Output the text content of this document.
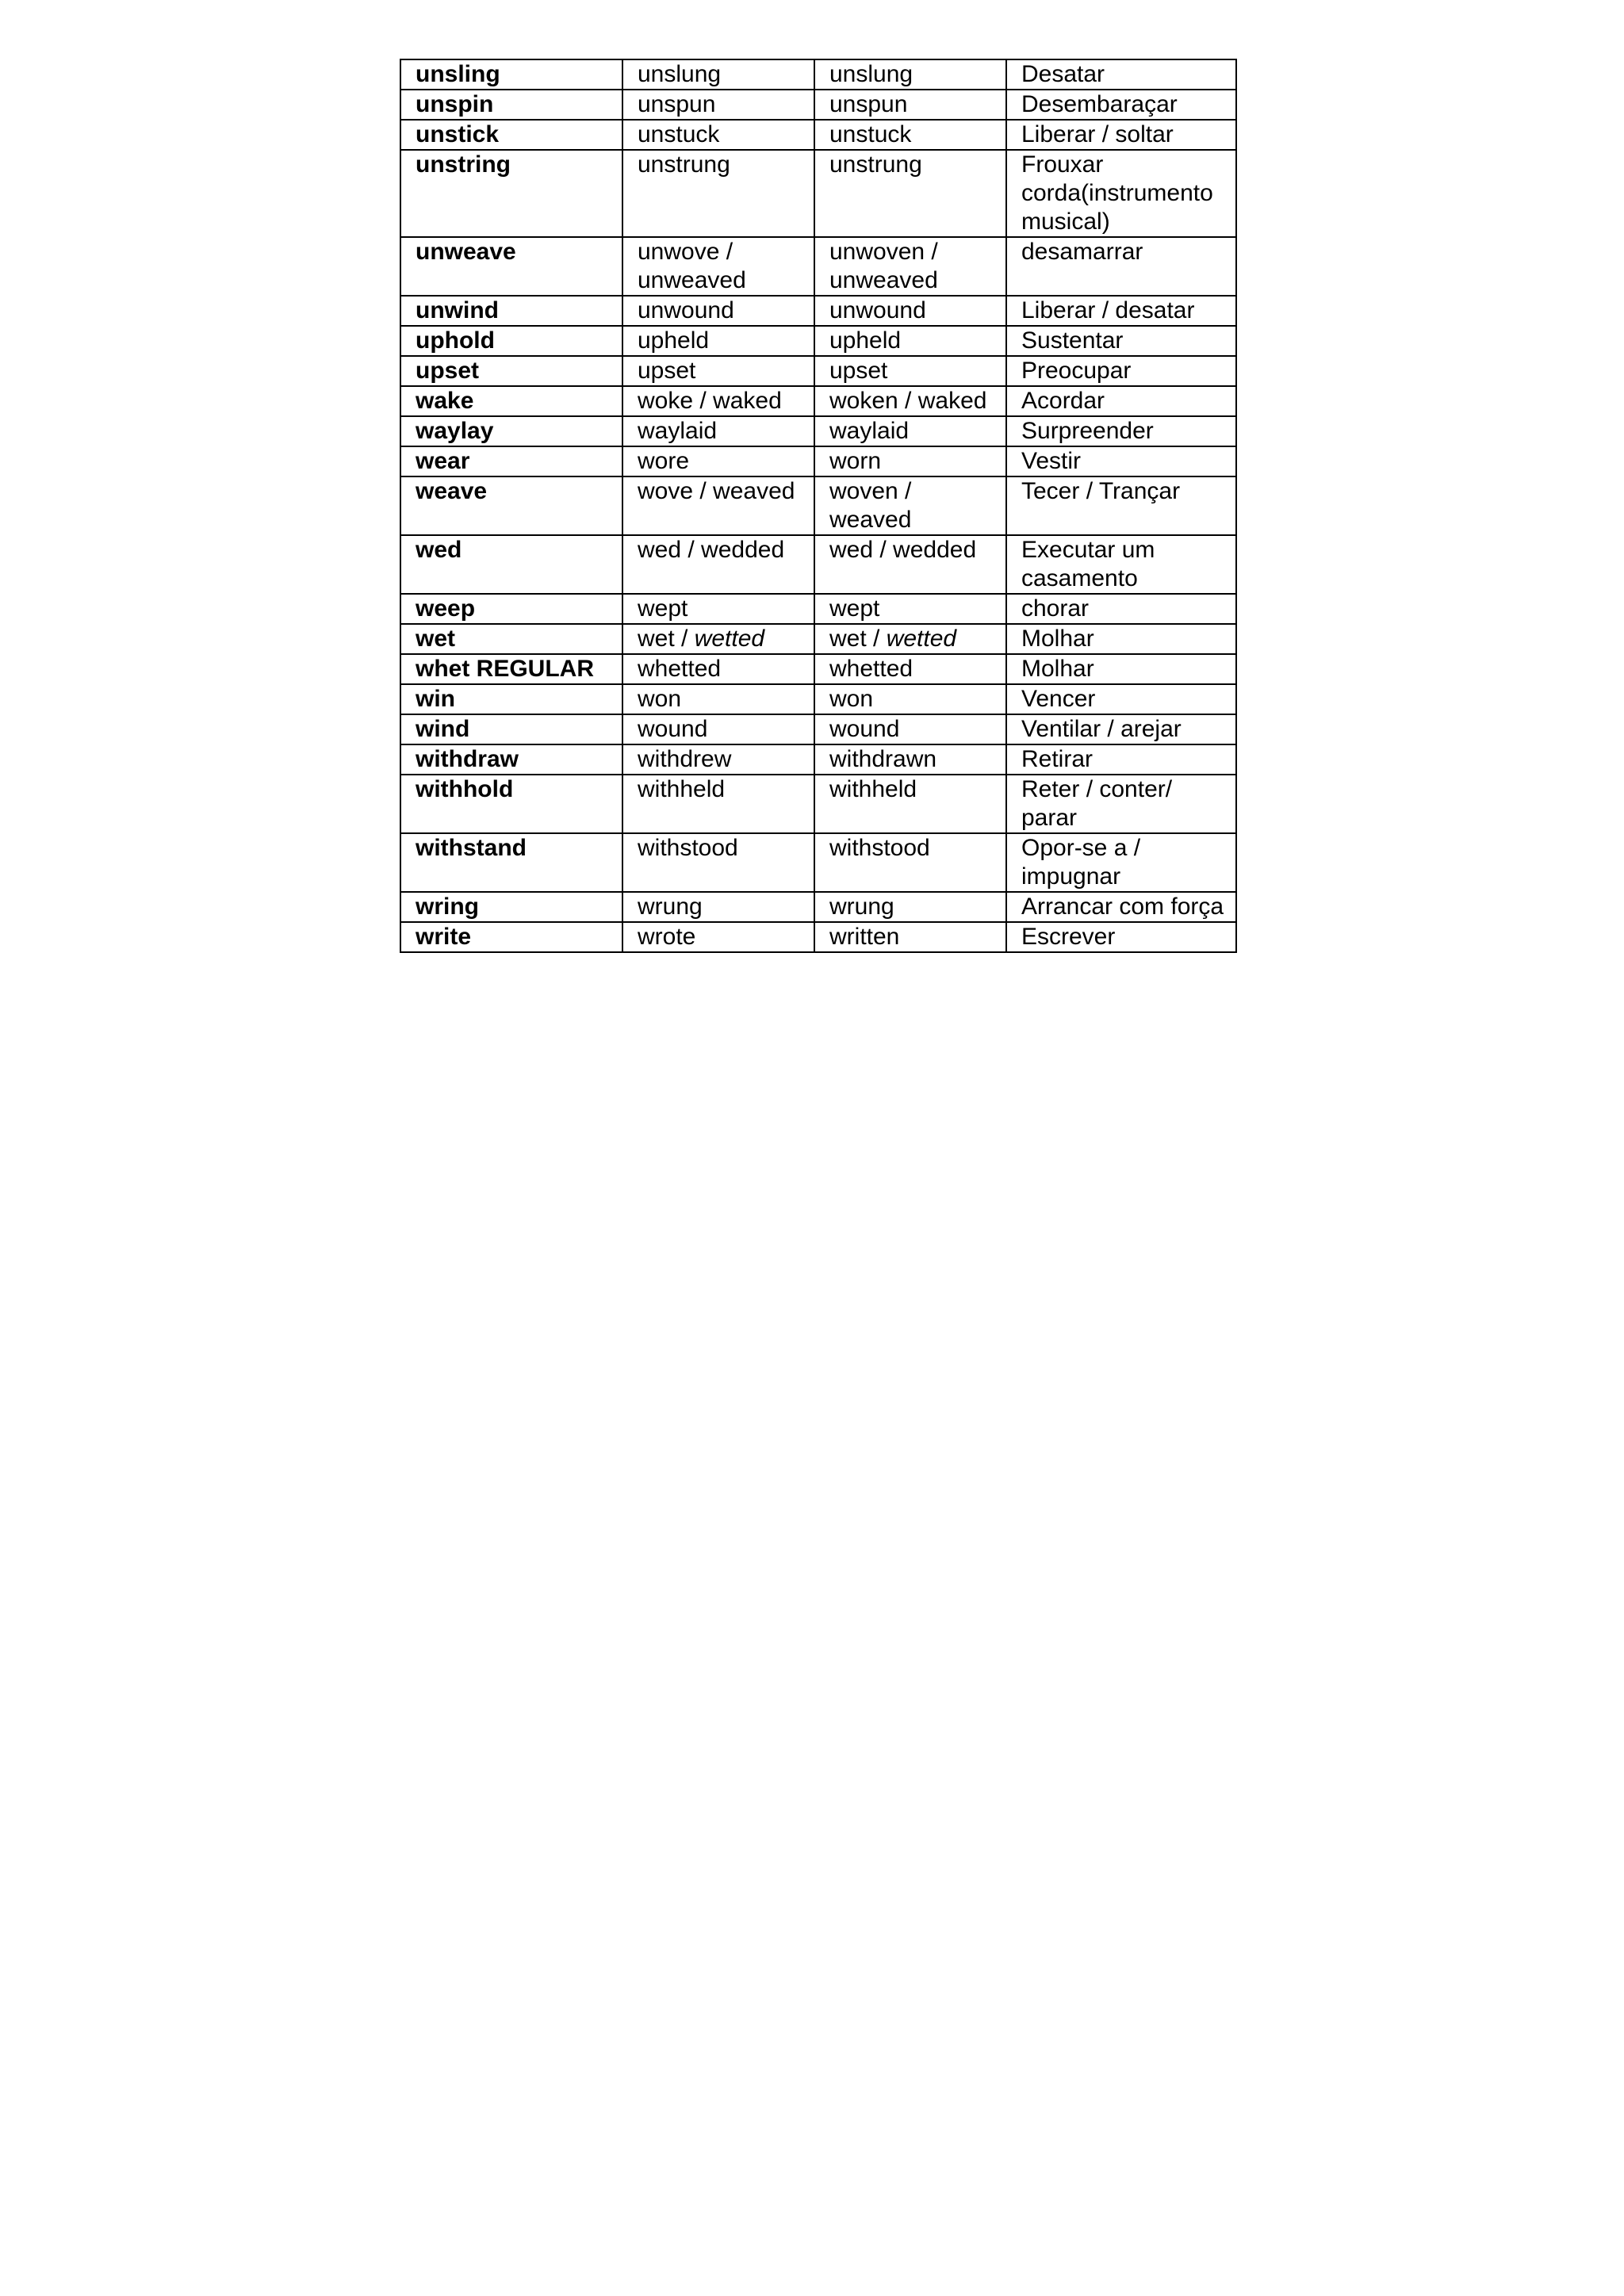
unsling	unslung	unslung	Desatar
unspin	unspun	unspun	Desembaraçar
unstick	unstuck	unstuck	Liberar / soltar
unstring	unstrung	unstrung	Frouxar corda(instrumento musical)
unweave	unwove / unweaved	unwoven / unweaved	desamarrar
unwind	unwound	unwound	Liberar / desatar
uphold	upheld	upheld	Sustentar
upset	upset	upset	Preocupar
wake	woke / waked	woken / waked	Acordar
waylay	waylaid	waylaid	Surpreender
wear	wore	worn	Vestir
weave	wove / weaved	woven / weaved	Tecer / Trançar
wed	wed / wedded	wed / wedded	Executar um casamento
weep	wept	wept	chorar
wet	wet / wetted	wet / wetted	Molhar
whet REGULAR	whetted	whetted	Molhar
win	won	won	Vencer
wind	wound	wound	Ventilar / arejar
withdraw	withdrew	withdrawn	Retirar
withhold	withheld	withheld	Reter / conter/ parar
withstand	withstood	withstood	Opor-se a / impugnar
wring	wrung	wrung	Arrancar com força
write	wrote	written	Escrever
